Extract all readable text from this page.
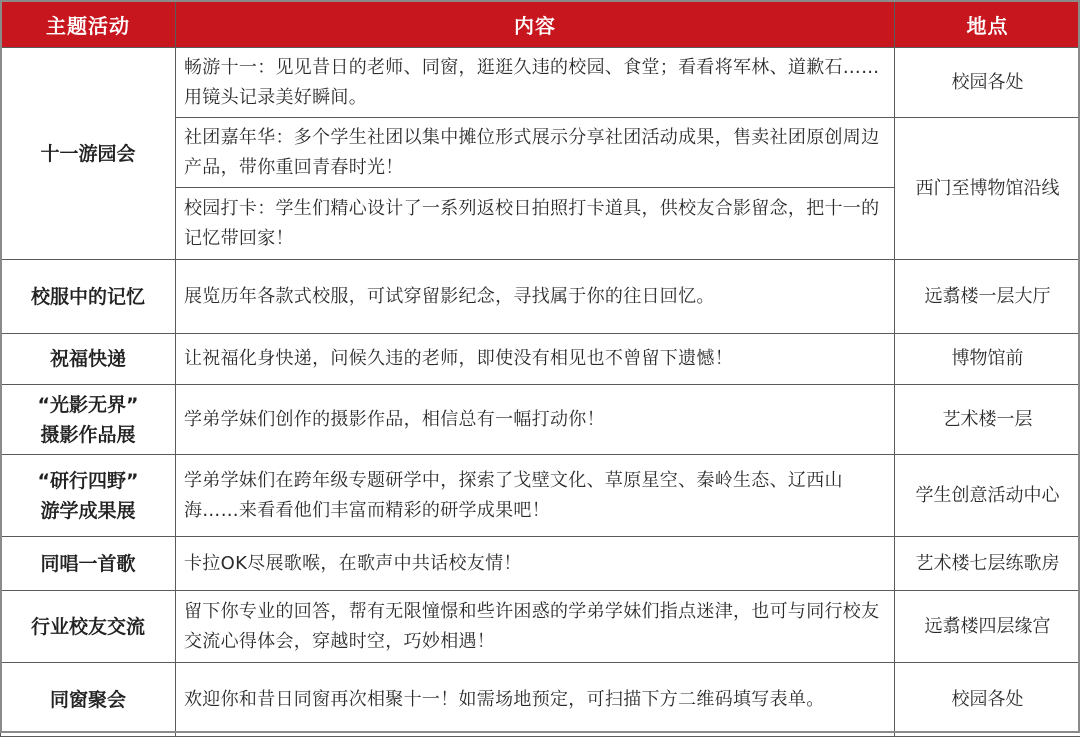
主题活动	内容	地点
十一游园会	畅游十一：见见昔日的老师、同窗，逛逛久违的校园、食堂；看看将军林、道歉石……用镜头记录美好瞬间。	校园各处
	社团嘉年华：多个学生社团以集中摊位形式展示分享社团活动成果，售卖社团原创周边产品，带你重回青春时光！	西门至博物馆沿线
	校园打卡：学生们精心设计了一系列返校日拍照打卡道具，供校友合影留念，把十一的记忆带回家！	
校服中的记忆	展览历年各款式校服，可试穿留影纪念，寻找属于你的往日回忆。	远翥楼一层大厅
祝福快递	让祝福化身快递，问候久违的老师，即使没有相见也不曾留下遗憾！	博物馆前

“光影无界”
摄影作品展	学弟学妹们创作的摄影作品，相信总有一幅打动你！	艺术楼一层

“研行四野”
游学成果展	学弟学妹们在跨年级专题研学中，探索了戈壁文化、草原星空、秦岭生态、辽西山海……来看看他们丰富而精彩的研学成果吧！	学生创意活动中心
同唱一首歌	卡拉OK尽展歌喉，在歌声中共话校友情！	艺术楼七层练歌房
行业校友交流	留下你专业的回答，帮有无限憧憬和些许困惑的学弟学妹们指点迷津，也可与同行校友交流心得体会，穿越时空，巧妙相遇！	远翥楼四层缘宫
同窗聚会	欢迎你和昔日同窗再次相聚十一！如需场地预定，可扫描下方二维码填写表单。	校园各处
